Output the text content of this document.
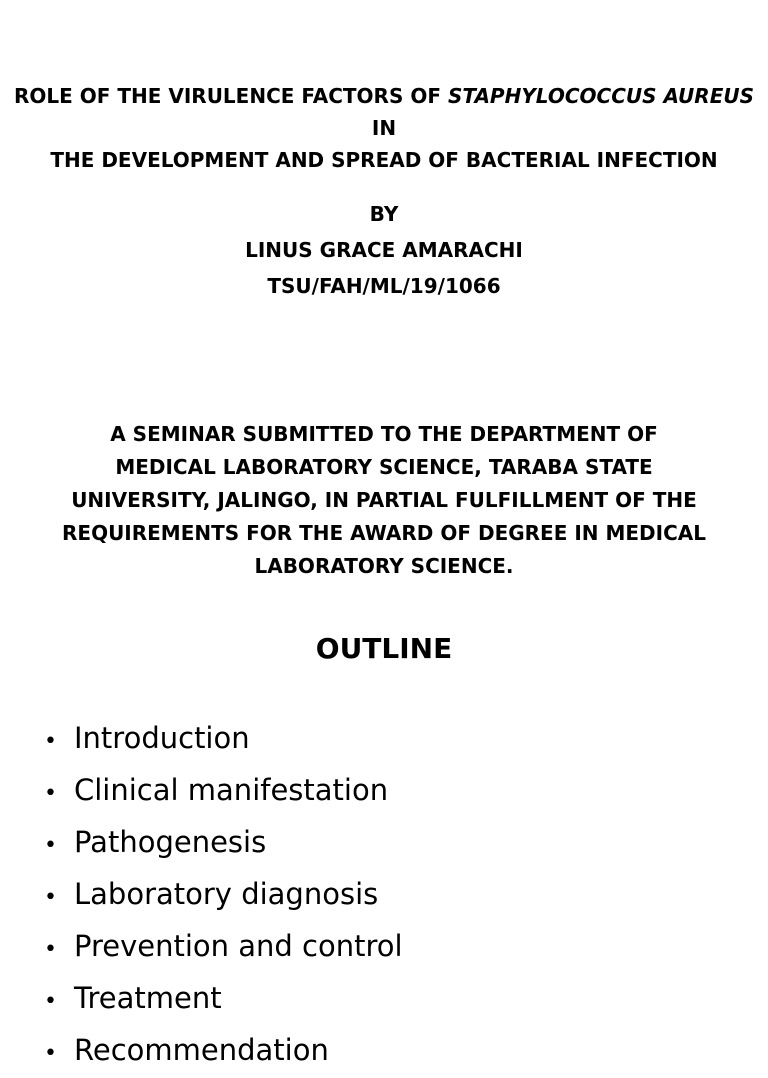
ROLE OF THE VIRULENCE FACTORS OF STAPHYLOCOCCUS AUREUS IN
THE DEVELOPMENT AND SPREAD OF BACTERIAL INFECTION
BY
LINUS GRACE AMARACHI
TSU/FAH/ML/19/1066
A SEMINAR SUBMITTED TO THE DEPARTMENT OF
MEDICAL LABORATORY SCIENCE, TARABA STATE
UNIVERSITY, JALINGO, IN PARTIAL FULFILLMENT OF THE
REQUIREMENTS FOR THE AWARD OF DEGREE IN MEDICAL
LABORATORY SCIENCE.
OUTLINE
• Introduction
• Clinical manifestation
• Pathogenesis
• Laboratory diagnosis
• Prevention and control
• Treatment
• Recommendation
